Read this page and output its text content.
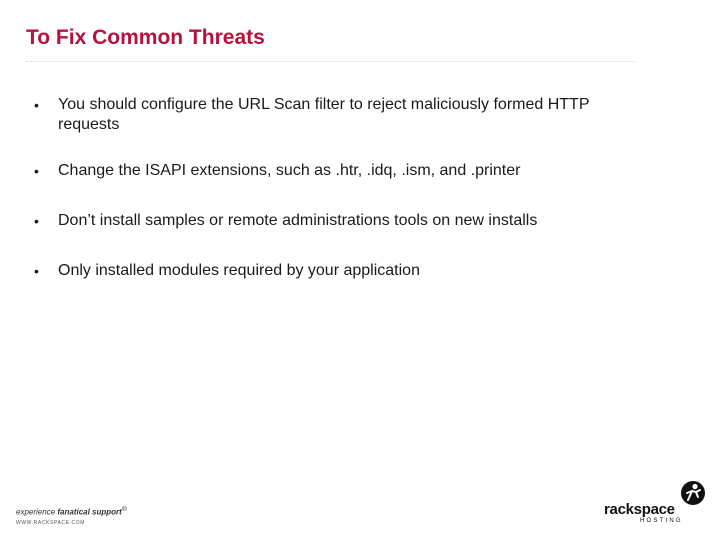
To Fix Common Threats
• You should configure the URL Scan filter to reject maliciously formed HTTP requests
• Change the ISAPI extensions, such as .htr, .idq, .ism, and .printer
• Don’t install samples or remote administrations tools on new installs
• Only installed modules required by your application
experience fanatical support®
WWW.RACKSPACE.COM
rackspace
HOSTING
